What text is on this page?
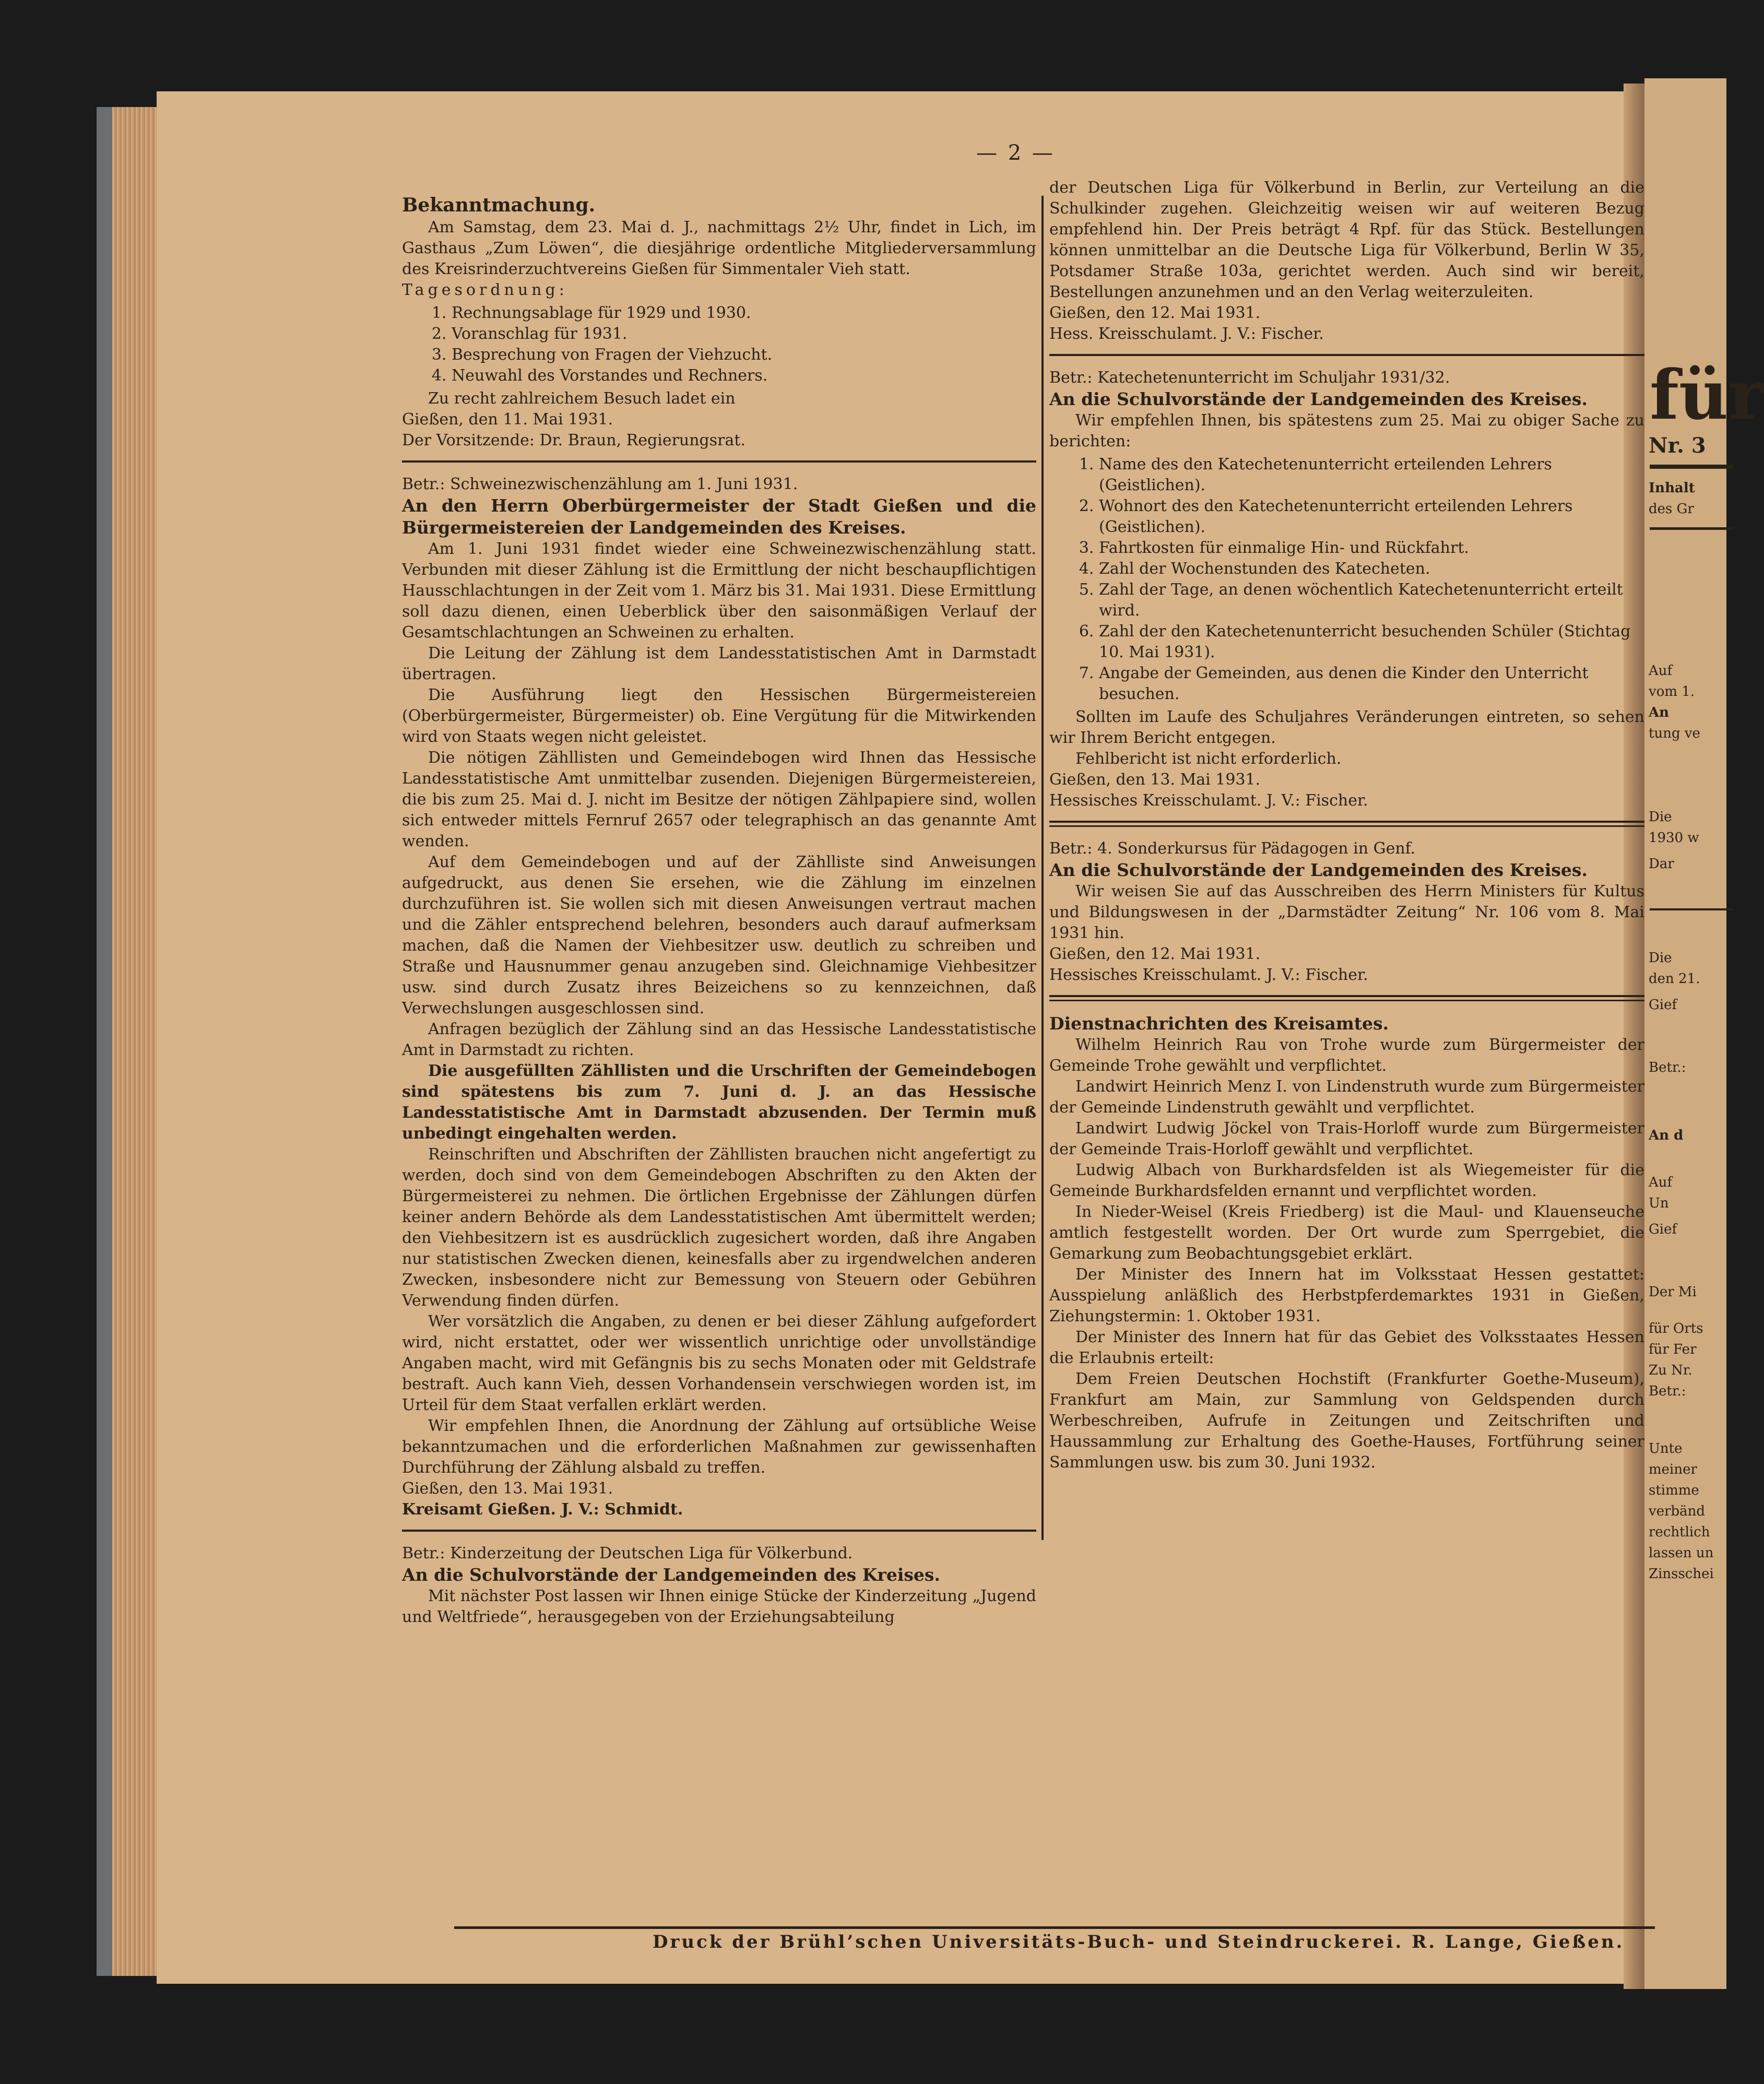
für
Nr. 3
Inhalt
des Gr
Auf
vom 1.
An
tung ve
Die
1930 w
Dar
Die
den 21.
Gief
Betr.:
An d
Auf
Un
Gief
Der Mi
für Orts
für Fer
Zu Nr.
Betr.:
Unte
meiner
stimme
verbänd
rechtlich
lassen un
Zinsschei
— 2 —

Bekanntmachung.

Am Samstag, dem 23. Mai d. J., nachmittags 2½ Uhr, findet in Lich, im Gasthaus „Zum Löwen“, die diesjährige ordentliche Mitgliederversammlung des Kreisrinderzuchtvereins Gießen für Simmentaler Vieh statt.

Tagesordnung:

1. Rechnungsablage für 1929 und 1930.
2. Voranschlag für 1931.
3. Besprechung von Fragen der Viehzucht.
4. Neuwahl des Vorstandes und Rechners.

Zu recht zahlreichem Besuch ladet ein

Gießen, den 11. Mai 1931.

Der Vorsitzende: Dr. Braun, Regierungsrat.

Betr.: Schweinezwischenzählung am 1. Juni 1931.

An den Herrn Oberbürgermeister der Stadt Gießen und die Bürgermeistereien der Landgemeinden des Kreises.

Am 1. Juni 1931 findet wieder eine Schweinezwischenzählung statt. Verbunden mit dieser Zählung ist die Ermittlung der nicht beschaupflichtigen Hausschlachtungen in der Zeit vom 1. März bis 31. Mai 1931. Diese Ermittlung soll dazu dienen, einen Ueberblick über den saisonmäßigen Verlauf der Gesamtschlachtungen an Schweinen zu erhalten.

Die Leitung der Zählung ist dem Landesstatistischen Amt in Darmstadt übertragen.

Die Ausführung liegt den Hessischen Bürgermeistereien (Oberbürgermeister, Bürgermeister) ob. Eine Vergütung für die Mitwirkenden wird von Staats wegen nicht geleistet.

Die nötigen Zähllisten und Gemeindebogen wird Ihnen das Hessische Landesstatistische Amt unmittelbar zusenden. Diejenigen Bürgermeistereien, die bis zum 25. Mai d. J. nicht im Besitze der nötigen Zählpapiere sind, wollen sich entweder mittels Fernruf 2657 oder telegraphisch an das genannte Amt wenden.

Auf dem Gemeindebogen und auf der Zählliste sind Anweisungen aufgedruckt, aus denen Sie ersehen, wie die Zählung im einzelnen durchzuführen ist. Sie wollen sich mit diesen Anweisungen vertraut machen und die Zähler entsprechend belehren, besonders auch darauf aufmerksam machen, daß die Namen der Viehbesitzer usw. deutlich zu schreiben und Straße und Hausnummer genau anzugeben sind. Gleichnamige Viehbesitzer usw. sind durch Zusatz ihres Beizeichens so zu kennzeichnen, daß Verwechslungen ausgeschlossen sind.

Anfragen bezüglich der Zählung sind an das Hessische Landesstatistische Amt in Darmstadt zu richten.

Die ausgefüllten Zähllisten und die Urschriften der Gemeindebogen sind spätestens bis zum 7. Juni d. J. an das Hessische Landesstatistische Amt in Darmstadt abzusenden. Der Termin muß unbedingt eingehalten werden.

Reinschriften und Abschriften der Zähllisten brauchen nicht angefertigt zu werden, doch sind von dem Gemeindebogen Abschriften zu den Akten der Bürgermeisterei zu nehmen. Die örtlichen Ergebnisse der Zählungen dürfen keiner andern Behörde als dem Landesstatistischen Amt übermittelt werden; den Viehbesitzern ist es ausdrücklich zugesichert worden, daß ihre Angaben nur statistischen Zwecken dienen, keinesfalls aber zu irgendwelchen anderen Zwecken, insbesondere nicht zur Bemessung von Steuern oder Gebühren Verwendung finden dürfen.

Wer vorsätzlich die Angaben, zu denen er bei dieser Zählung aufgefordert wird, nicht erstattet, oder wer wissentlich unrichtige oder unvollständige Angaben macht, wird mit Gefängnis bis zu sechs Monaten oder mit Geldstrafe bestraft. Auch kann Vieh, dessen Vorhandensein verschwiegen worden ist, im Urteil für dem Staat verfallen erklärt werden.

Wir empfehlen Ihnen, die Anordnung der Zählung auf ortsübliche Weise bekanntzumachen und die erforderlichen Maßnahmen zur gewissenhaften Durchführung der Zählung alsbald zu treffen.

Gießen, den 13. Mai 1931.

Kreisamt Gießen. J. V.: Schmidt.

Betr.: Kinderzeitung der Deutschen Liga für Völkerbund.

An die Schulvorstände der Landgemeinden des Kreises.

Mit nächster Post lassen wir Ihnen einige Stücke der Kinderzeitung „Jugend und Weltfriede“, herausgegeben von der Erziehungsabteilung

der Deutschen Liga für Völkerbund in Berlin, zur Verteilung an die Schulkinder zugehen. Gleichzeitig weisen wir auf weiteren Bezug empfehlend hin. Der Preis beträgt 4 Rpf. für das Stück. Bestellungen können unmittelbar an die Deutsche Liga für Völkerbund, Berlin W 35, Potsdamer Straße 103a, gerichtet werden. Auch sind wir bereit, Bestellungen anzunehmen und an den Verlag weiterzuleiten.

Gießen, den 12. Mai 1931.

Hess. Kreisschulamt. J. V.: Fischer.

Betr.: Katechetenunterricht im Schuljahr 1931/32.

An die Schulvorstände der Landgemeinden des Kreises.

Wir empfehlen Ihnen, bis spätestens zum 25. Mai zu obiger Sache zu berichten:

1. Name des den Katechetenunterricht erteilenden Lehrers (Geistlichen).
2. Wohnort des den Katechetenunterricht erteilenden Lehrers (Geistlichen).
3. Fahrtkosten für einmalige Hin- und Rückfahrt.
4. Zahl der Wochenstunden des Katecheten.
5. Zahl der Tage, an denen wöchentlich Katechetenunterricht erteilt wird.
6. Zahl der den Katechetenunterricht besuchenden Schüler (Stichtag 10. Mai 1931).
7. Angabe der Gemeinden, aus denen die Kinder den Unterricht besuchen.

Sollten im Laufe des Schuljahres Veränderungen eintreten, so sehen wir Ihrem Bericht entgegen.

Fehlbericht ist nicht erforderlich.

Gießen, den 13. Mai 1931.

Hessisches Kreisschulamt. J. V.: Fischer.

Betr.: 4. Sonderkursus für Pädagogen in Genf.

An die Schulvorstände der Landgemeinden des Kreises.

Wir weisen Sie auf das Ausschreiben des Herrn Ministers für Kultus und Bildungswesen in der „Darmstädter Zeitung“ Nr. 106 vom 8. Mai 1931 hin.

Gießen, den 12. Mai 1931.

Hessisches Kreisschulamt. J. V.: Fischer.

Dienstnachrichten des Kreisamtes.

Wilhelm Heinrich Rau von Trohe wurde zum Bürgermeister der Gemeinde Trohe gewählt und verpflichtet.

Landwirt Heinrich Menz I. von Lindenstruth wurde zum Bürgermeister der Gemeinde Lindenstruth gewählt und verpflichtet.

Landwirt Ludwig Jöckel von Trais-Horloff wurde zum Bürgermeister der Gemeinde Trais-Horloff gewählt und verpflichtet.

Ludwig Albach von Burkhardsfelden ist als Wiegemeister für die Gemeinde Burkhardsfelden ernannt und verpflichtet worden.

In Nieder-Weisel (Kreis Friedberg) ist die Maul- und Klauenseuche amtlich festgestellt worden. Der Ort wurde zum Sperrgebiet, die Gemarkung zum Beobachtungsgebiet erklärt.

Der Minister des Innern hat im Volksstaat Hessen gestattet: Ausspielung anläßlich des Herbstpferdemarktes 1931 in Gießen, Ziehungstermin: 1. Oktober 1931.

Der Minister des Innern hat für das Gebiet des Volksstaates Hessen die Erlaubnis erteilt:

Dem Freien Deutschen Hochstift (Frankfurter Goethe-Museum), Frankfurt am Main, zur Sammlung von Geldspenden durch Werbeschreiben, Aufrufe in Zeitungen und Zeitschriften und Haussammlung zur Erhaltung des Goethe-Hauses, Fortführung seiner Sammlungen usw. bis zum 30. Juni 1932.

Druck der Brühl’schen Universitäts-Buch- und Steindruckerei. R. Lange, Gießen.
